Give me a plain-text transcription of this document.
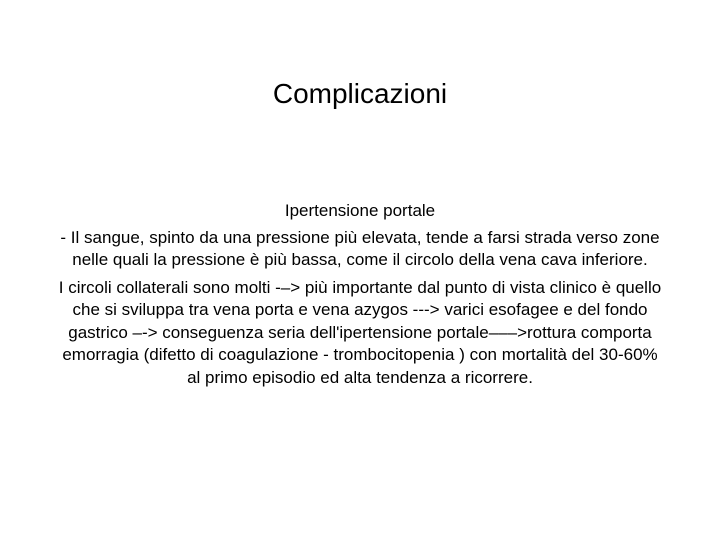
Complicazioni
Ipertensione portale

- Il sangue, spinto da una pressione più elevata, tende a farsi strada verso zone nelle quali la pressione è più bassa, come il circolo della vena cava inferiore.

I circoli collaterali sono molti -–> più importante dal punto di vista clinico è quello che si sviluppa tra vena porta e vena azygos ---> varici esofagee e del fondo gastrico –-> conseguenza seria dell'ipertensione portale–––>rottura comporta emorragia (difetto di coagulazione - trombocitopenia ) con mortalità del 30-60% al primo episodio ed alta tendenza a ricorrere.
